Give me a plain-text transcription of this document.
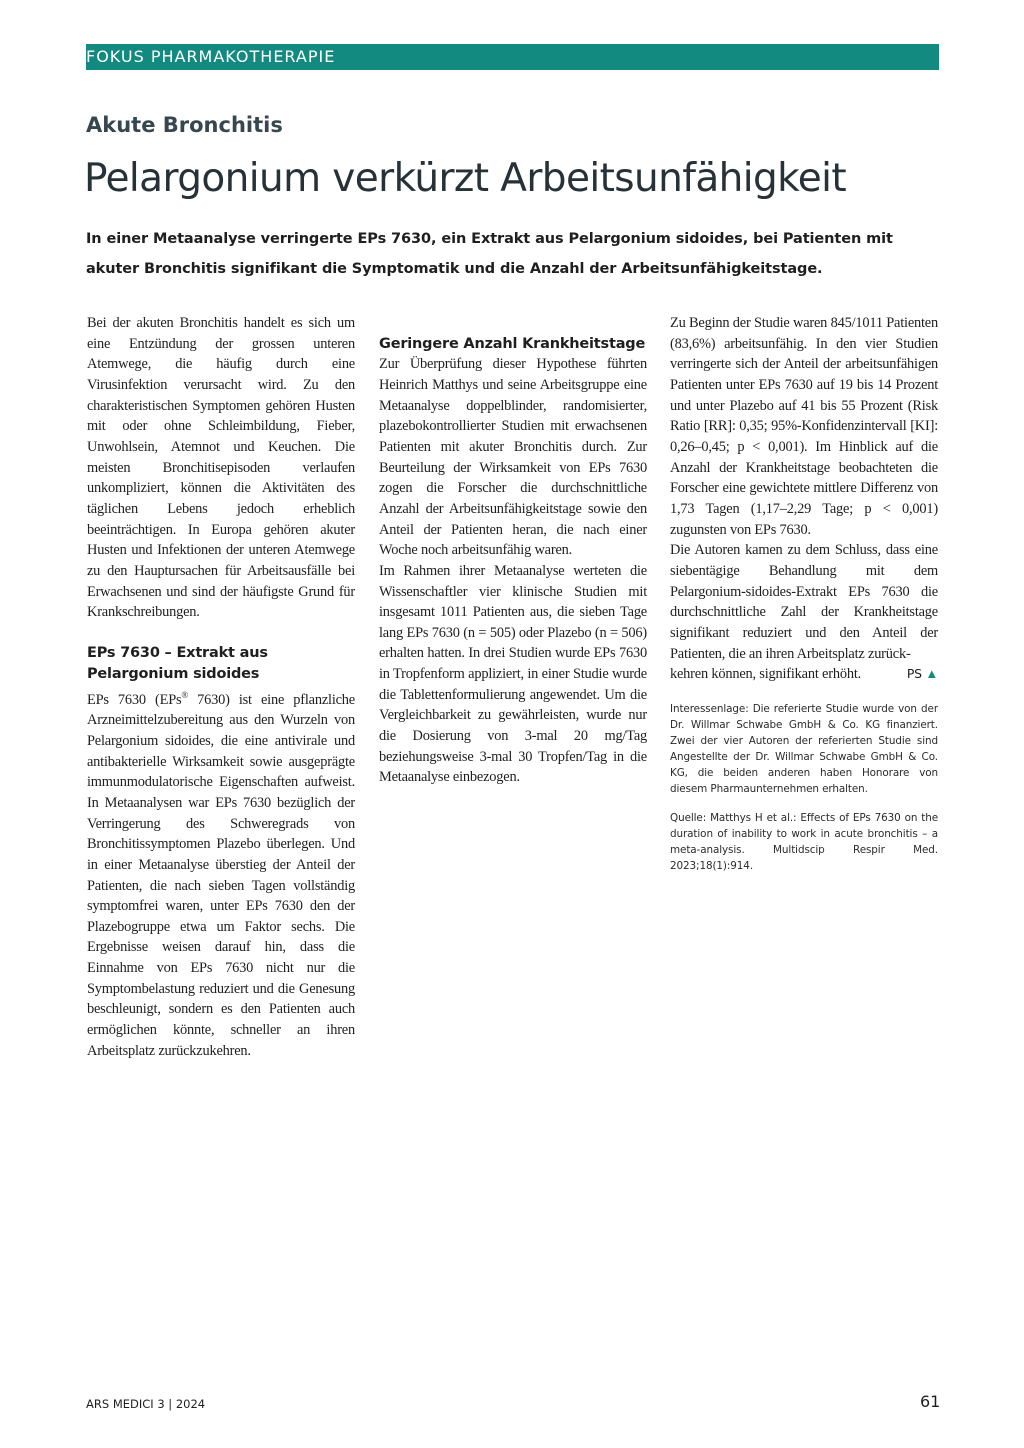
FOKUS PHARMAKOTHERAPIE
Akute Bronchitis
Pelargonium verkürzt Arbeitsunfähigkeit

In einer Metaanalyse verringerte EPs 7630, ein Extrakt aus Pelargonium sidoides, bei Patienten mit akuter Bronchitis signifikant die Symptomatik und die Anzahl der Arbeitsunfähigkeitstage.

Bei der akuten Bronchitis handelt es sich um eine Entzündung der grossen unteren Atemwege, die häufig durch eine Virusinfektion verursacht wird. Zu den charakteristischen Symptomen gehören Husten mit oder ohne Schleimbildung, Fieber, Unwohlsein, Atemnot und Keuchen. Die meisten Bronchitisepisoden verlaufen unkompliziert, können die Aktivitäten des täglichen Lebens jedoch erheblich beeinträchtigen. In Europa gehören akuter Husten und Infektionen der unteren Atemwege zu den Hauptursachen für Arbeitsausfälle bei Erwachsenen und sind der häufigste Grund für Krankschreibungen.

EPs 7630 – Extrakt aus Pelargonium sidoides

EPs 7630 (EPs® 7630) ist eine pflanzliche Arzneimittelzubereitung aus den Wurzeln von Pelargonium sidoides, die eine antivirale und antibakterielle Wirksamkeit sowie ausgeprägte immunmodulatorische Eigenschaften aufweist. In Metaanalysen war EPs 7630 bezüglich der Verringerung des Schweregrads von Bronchitissymptomen Plazebo überlegen. Und in einer Metaanalyse überstieg der Anteil der Patienten, die nach sieben Tagen vollständig symptomfrei waren, unter EPs 7630 den der Plazebogruppe etwa um Faktor sechs. Die Ergebnisse weisen darauf hin, dass die Einnahme von EPs 7630 nicht nur die Symptombelastung reduziert und die Genesung beschleunigt, sondern es den Patienten auch ermöglichen könnte, schneller an ihren Arbeitsplatz zurückzukehren.

Geringere Anzahl Krankheitstage

Zur Überprüfung dieser Hypothese führten Heinrich Matthys und seine Arbeitsgruppe eine Metaanalyse doppelblinder, randomisierter, plazebokontrollierter Studien mit erwachsenen Patienten mit akuter Bronchitis durch. Zur Beurteilung der Wirksamkeit von EPs 7630 zogen die Forscher die durchschnittliche Anzahl der Arbeitsunfähigkeitstage sowie den Anteil der Patienten heran, die nach einer Woche noch arbeitsunfähig waren.

Im Rahmen ihrer Metaanalyse werteten die Wissenschaftler vier klinische Studien mit insgesamt 1011 Patienten aus, die sieben Tage lang EPs 7630 (n = 505) oder Plazebo (n = 506) erhalten hatten. In drei Studien wurde EPs 7630 in Tropfenform appliziert, in einer Studie wurde die Tablettenformulierung angewendet. Um die Vergleichbarkeit zu gewährleisten, wurde nur die Dosierung von 3-mal 20 mg/Tag beziehungsweise 3-mal 30 Tropfen/Tag in die Metaanalyse einbezogen.

Zu Beginn der Studie waren 845/1011 Patienten (83,6%) arbeitsunfähig. In den vier Studien verringerte sich der Anteil der arbeitsunfähigen Patienten unter EPs 7630 auf 19 bis 14 Prozent und unter Plazebo auf 41 bis 55 Prozent (Risk Ratio [RR]: 0,35; 95%-Konfidenzintervall [KI]: 0,26–0,45; p < 0,001). Im Hinblick auf die Anzahl der Krankheitstage beobachteten die Forscher eine gewichtete mittlere Differenz von 1,73 Tagen (1,17–2,29 Tage; p < 0,001) zugunsten von EPs 7630.

Die Autoren kamen zu dem Schluss, dass eine siebentägige Behandlung mit dem Pelargonium-sidoides-Extrakt EPs 7630 die durchschnittliche Zahl der Krankheitstage signifikant reduziert und den Anteil der Patienten, die an ihren Arbeitsplatz zurück-

kehren können, signifikant erhöht.	PS ▲

Interessenlage: Die referierte Studie wurde von der Dr. Willmar Schwabe GmbH & Co. KG finanziert. Zwei der vier Autoren der referierten Studie sind Angestellte der Dr. Willmar Schwabe GmbH & Co. KG, die beiden anderen haben Honorare von diesem Pharmaunternehmen erhalten.

Quelle: Matthys H et al.: Effects of EPs 7630 on the duration of inability to work in acute bronchitis – a meta-analysis. Multidscip Respir Med. 2023;18(1):914.

ARS MEDICI 3 | 2024	61
